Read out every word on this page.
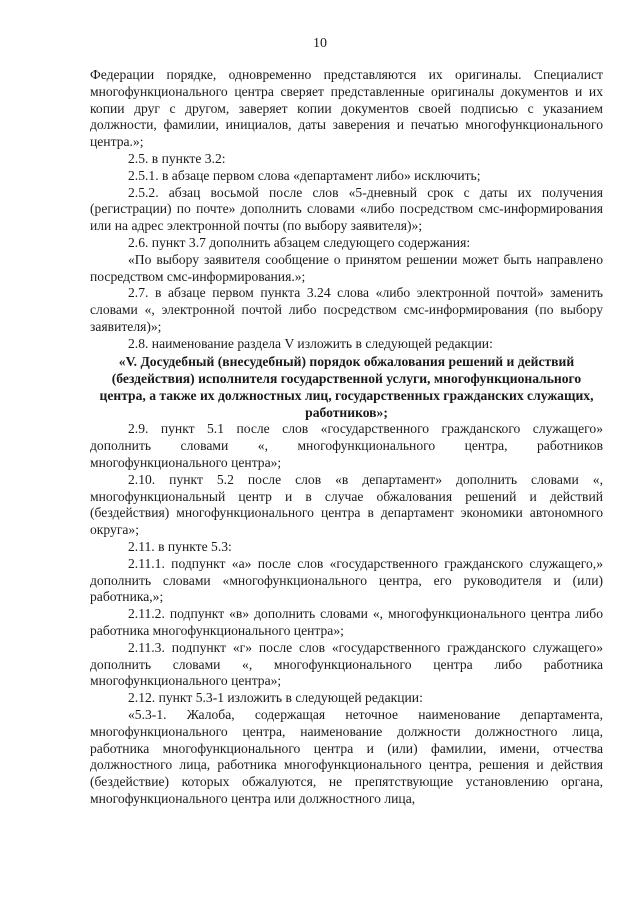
10

Федерации порядке, одновременно представляются их оригиналы. Специалист многофункционального центра сверяет представленные оригиналы документов и их копии друг с другом, заверяет копии документов своей подписью с указанием должности, фамилии, инициалов, даты заверения и печатью многофункционального центра.»;

2.5. в пункте 3.2:

2.5.1. в абзаце первом слова «департамент либо» исключить;

2.5.2. абзац восьмой после слов «5-дневный срок с даты их получения (регистрации) по почте» дополнить словами «либо посредством смс-информирования или на адрес электронной почты (по выбору заявителя)»;

2.6. пункт 3.7 дополнить абзацем следующего содержания:

«По выбору заявителя сообщение о принятом решении может быть направлено посредством смс-информирования.»;

2.7. в абзаце первом пункта 3.24 слова «либо электронной почтой» заменить словами «, электронной почтой либо посредством смс-информирования (по выбору заявителя)»;

2.8. наименование раздела V изложить в следующей редакции:

«V. Досудебный (внесудебный) порядок обжалования решений и действий (бездействия) исполнителя государственной услуги, многофункционального центра, а также их должностных лиц, государственных гражданских служащих, работников»;

2.9. пункт 5.1 после слов «государственного гражданского служащего» дополнить словами «, многофункционального центра, работников многофункционального центра»;

2.10. пункт 5.2 после слов «в департамент» дополнить словами «, многофункциональный центр и в случае обжалования решений и действий (бездействия) многофункционального центра в департамент экономики автономного округа»;

2.11. в пункте 5.3:

2.11.1. подпункт «а» после слов «государственного гражданского служащего,» дополнить словами «многофункционального центра, его руководителя и (или) работника,»;

2.11.2. подпункт «в» дополнить словами «, многофункционального центра либо работника многофункционального центра»;

2.11.3. подпункт «г» после слов «государственного гражданского служащего» дополнить словами «, многофункционального центра либо работника многофункционального центра»;

2.12. пункт 5.3-1 изложить в следующей редакции:

«5.3-1. Жалоба, содержащая неточное наименование департамента, многофункционального центра, наименование должности должностного лица, работника многофункционального центра и (или) фамилии, имени, отчества должностного лица, работника многофункционального центра, решения и действия (бездействие) которых обжалуются, не препятствующие установлению органа, многофункционального центра или должностного лица,
